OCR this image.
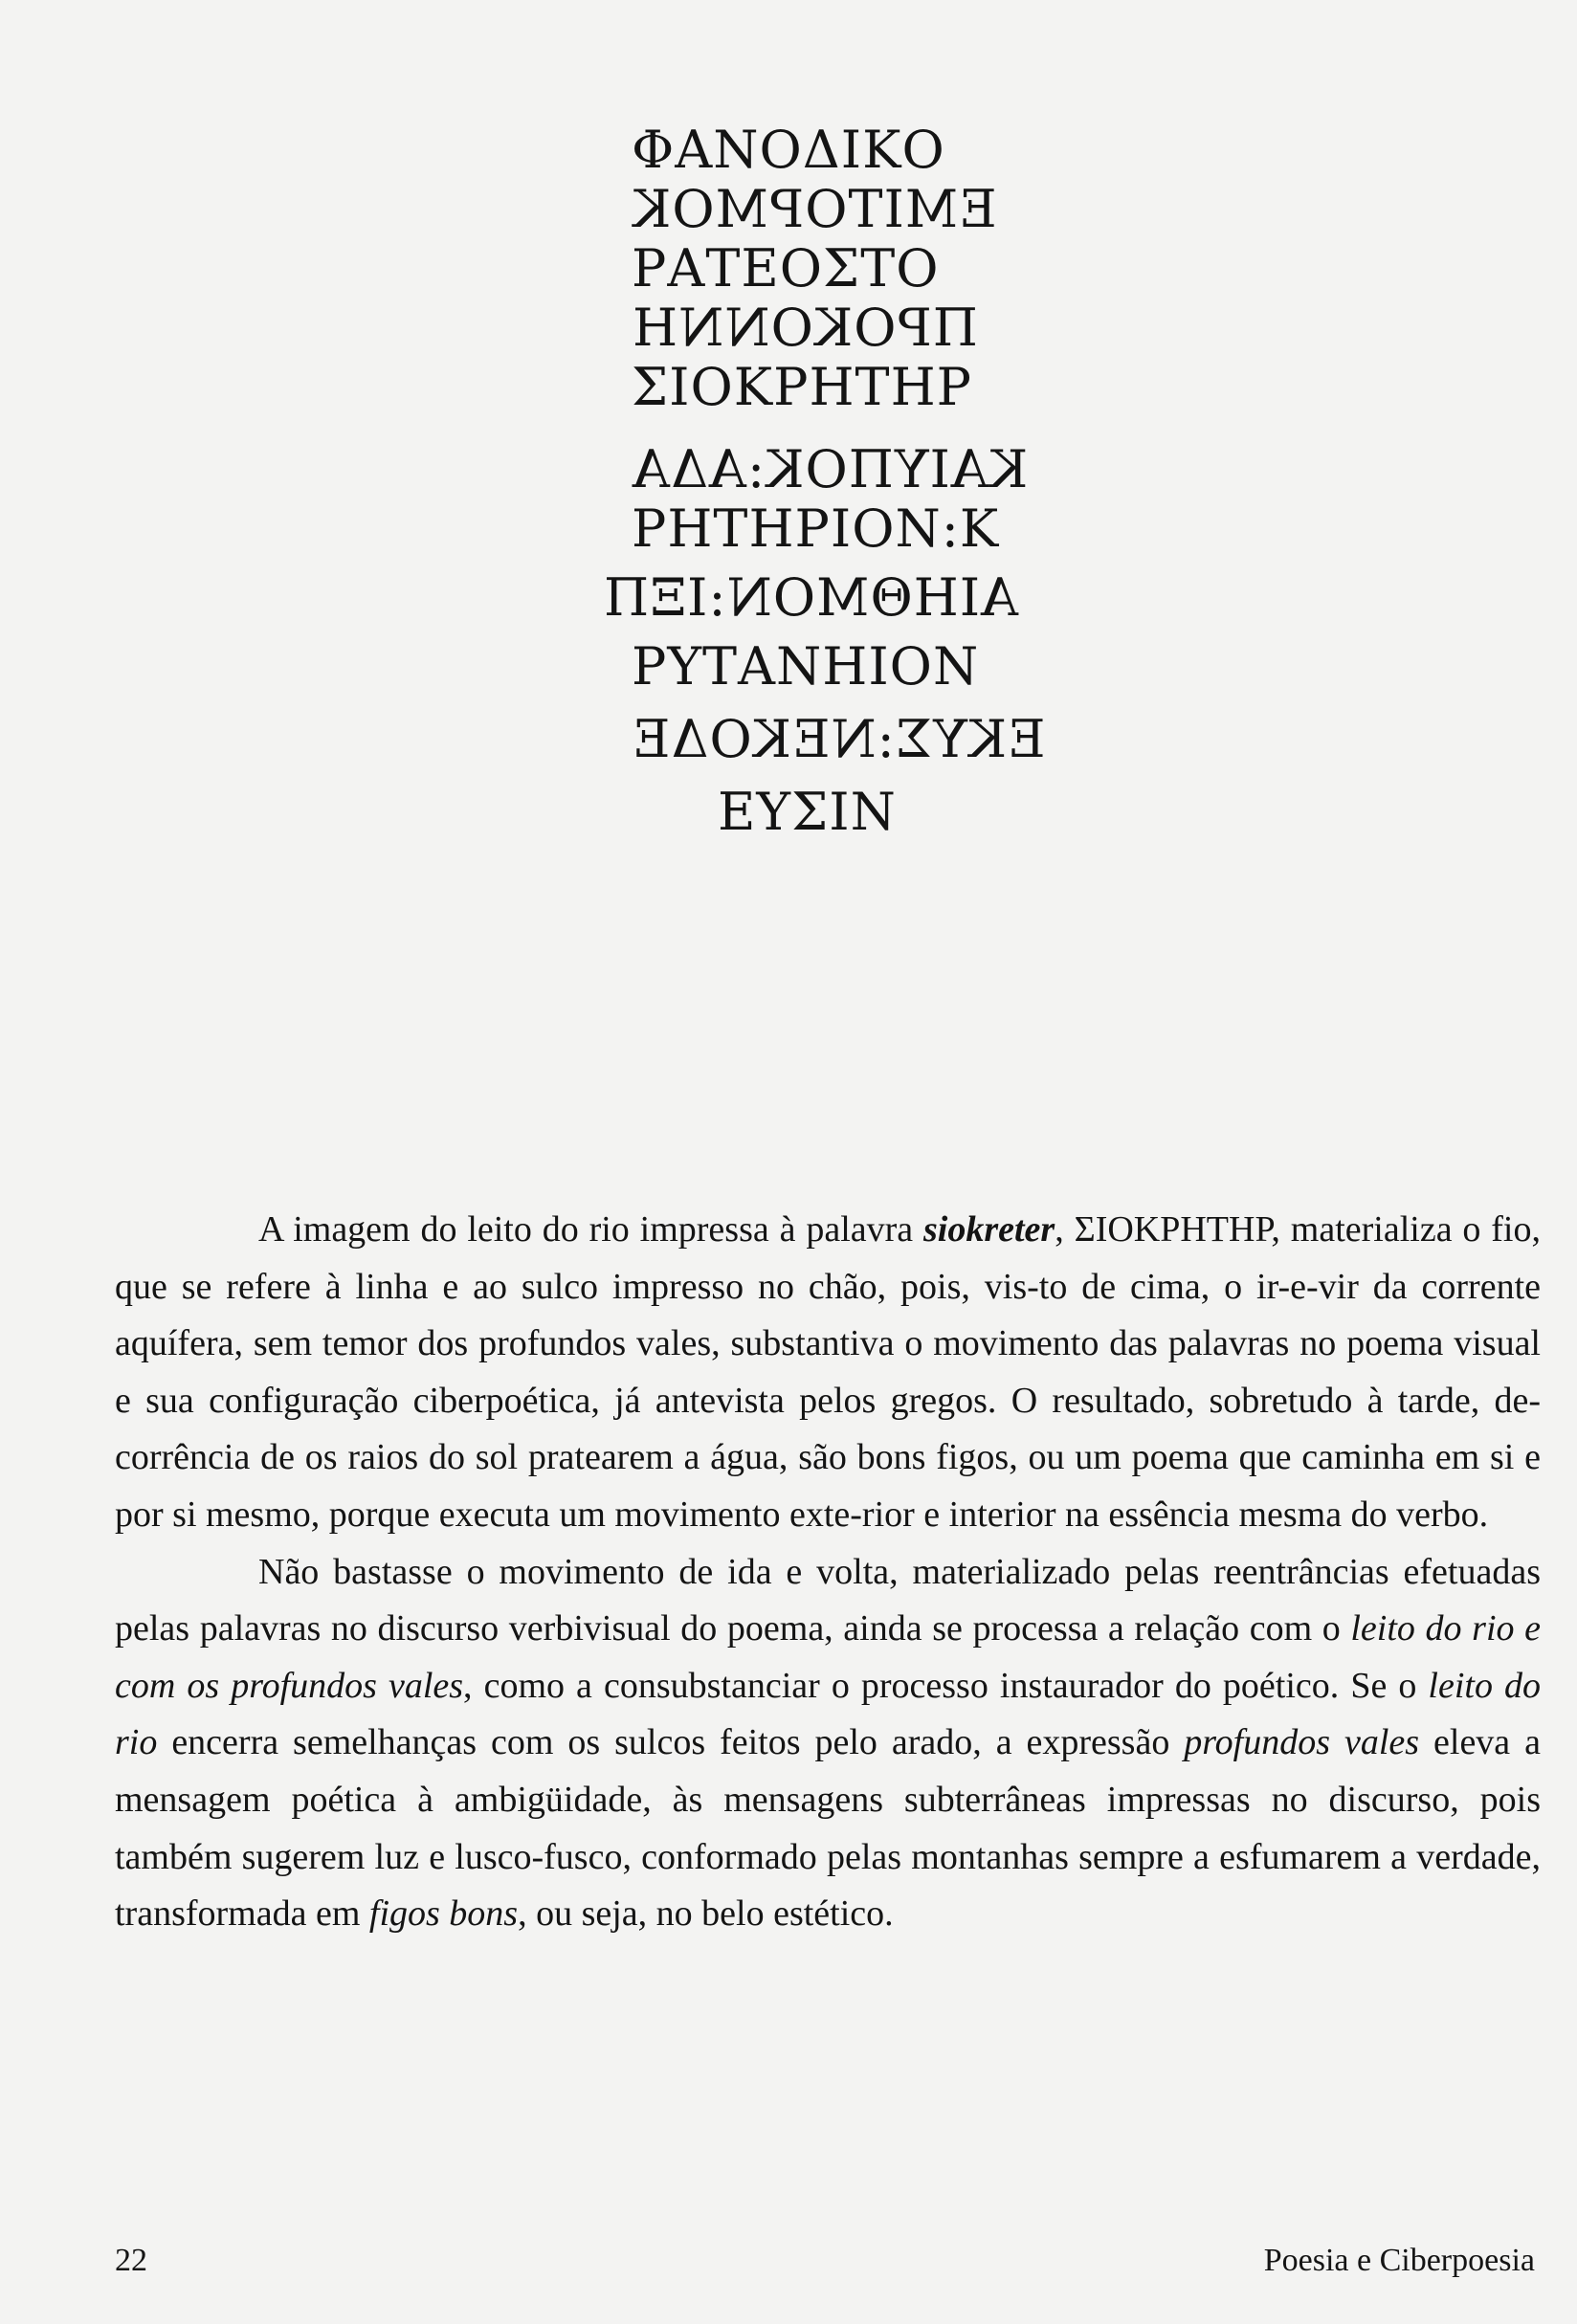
ΦΑΝΟΔΙΚΟ
ΕΜΙΤΟΡΜΟΚ
ΡΑΤΕΟΣΤΟ
ΠΡΟΚΟΝΝΗ
ΣΙΟΚΡΗΤΗΡ
ΚΑΙΥΠΟΚ:ΑΔΑ
ΡΗΤΗΡΙΟΝ:Κ
ΑΙΗΘΜΟΝ:ΙΞΠ
ΡΥΤΑΝΗΙΟΝ
ΕΚΥΣ:ΝΕΚΟΔΕ
ΕΥΣΙΝ

A imagem do leito do rio impressa à palavra siokreter, ΣΙΟΚΡΗΤΗΡ, materializa o fio, que se refere à linha e ao sulco impresso no chão, pois, vis-to de cima, o ir-e-vir da corrente aquífera, sem temor dos profundos vales, substantiva o movimento das palavras no poema visual e sua configuração ciberpoética, já antevista pelos gregos. O resultado, sobretudo à tarde, de-corrência de os raios do sol pratearem a água, são bons figos, ou um poema que caminha em si e por si mesmo, porque executa um movimento exte-rior e interior na essência mesma do verbo.

Não bastasse o movimento de ida e volta, materializado pelas reentrâncias efetuadas pelas palavras no discurso verbivisual do poema, ainda se processa a relação com o leito do rio e com os profundos vales, como a consubstanciar o processo instaurador do poético. Se o leito do rio encerra semelhanças com os sulcos feitos pelo arado, a expressão profundos vales eleva a mensagem poética à ambigüidade, às mensagens subterrâneas impressas no discurso, pois também sugerem luz e lusco-fusco, conformado pelas montanhas sempre a esfumarem a verdade, transformada em figos bons, ou seja, no belo estético.

22	Poesia e Ciberpoesia
